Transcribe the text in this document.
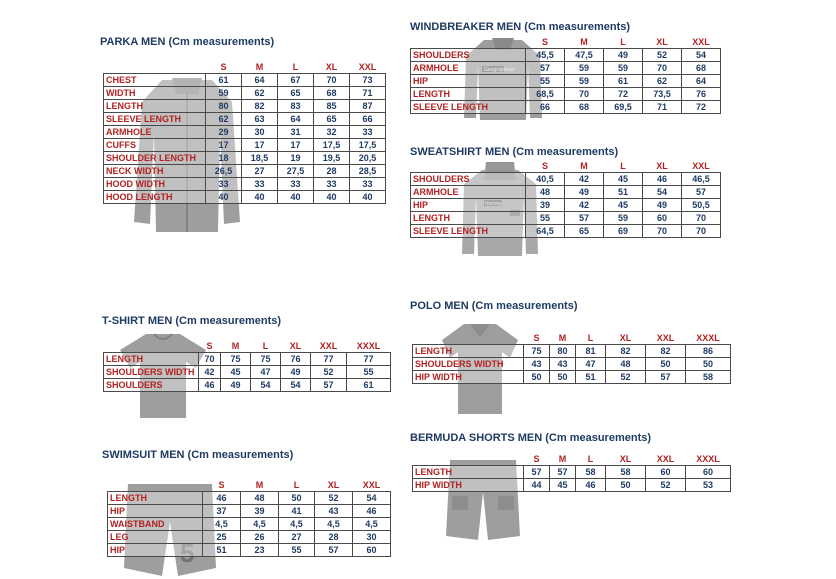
PARKA MEN (Cm measurements)
	S	M	L	XL	XXL
CHEST	61	64	67	70	73
WIDTH	59	62	65	68	71
LENGTH	80	82	83	85	87
SLEEVE LENGTH	62	63	64	65	66
ARMHOLE	29	30	31	32	33
CUFFS	17	17	17	17,5	17,5
SHOULDER LENGTH	18	18,5	19	19,5	20,5
NECK WIDTH	26,5	27	27,5	28	28,5
HOOD WIDTH	33	33	33	33	33
HOOD LENGTH	40	40	40	40	40
WINDBREAKER MEN (Cm measurements)
Geographical
	S	M	L	XL	XXL
SHOULDERS	45,5	47,5	49	52	54
ARMHOLE	57	59	59	70	68
HIP	55	59	61	62	64
LENGTH	68,5	70	72	73,5	76
SLEEVE LENGTH	66	68	69,5	71	72
SWEATSHIRT MEN (Cm measurements)
Norway
	S	M	L	XL	XXL
SHOULDERS	40,5	42	45	46	46,5
ARMHOLE	48	49	51	54	57
HIP	39	42	45	49	50,5
LENGTH	55	57	59	60	70
SLEEVE LENGTH	64,5	65	69	70	70
T-SHIRT MEN (Cm measurements)
	S	M	L	XL	XXL	XXXL
LENGTH	70	75	75	76	77	77
SHOULDERS WIDTH	42	45	47	49	52	55
SHOULDERS	46	49	54	54	57	61
POLO MEN (Cm measurements)
	S	M	L	XL	XXL	XXXL
LENGTH	75	80	81	82	82	86
SHOULDERS WIDTH	43	43	47	48	50	50
HIP WIDTH	50	50	51	52	57	58
SWIMSUIT MEN (Cm measurements)
5
	S	M	L	XL	XXL
LENGTH	46	48	50	52	54
HIP	37	39	41	43	46
WAISTBAND	4,5	4,5	4,5	4,5	4,5
LEG	25	26	27	28	30
HIP	51	23	55	57	60
BERMUDA SHORTS MEN (Cm measurements)
	S	M	L	XL	XXL	XXXL
LENGTH	57	57	58	58	60	60
HIP WIDTH	44	45	46	50	52	53
